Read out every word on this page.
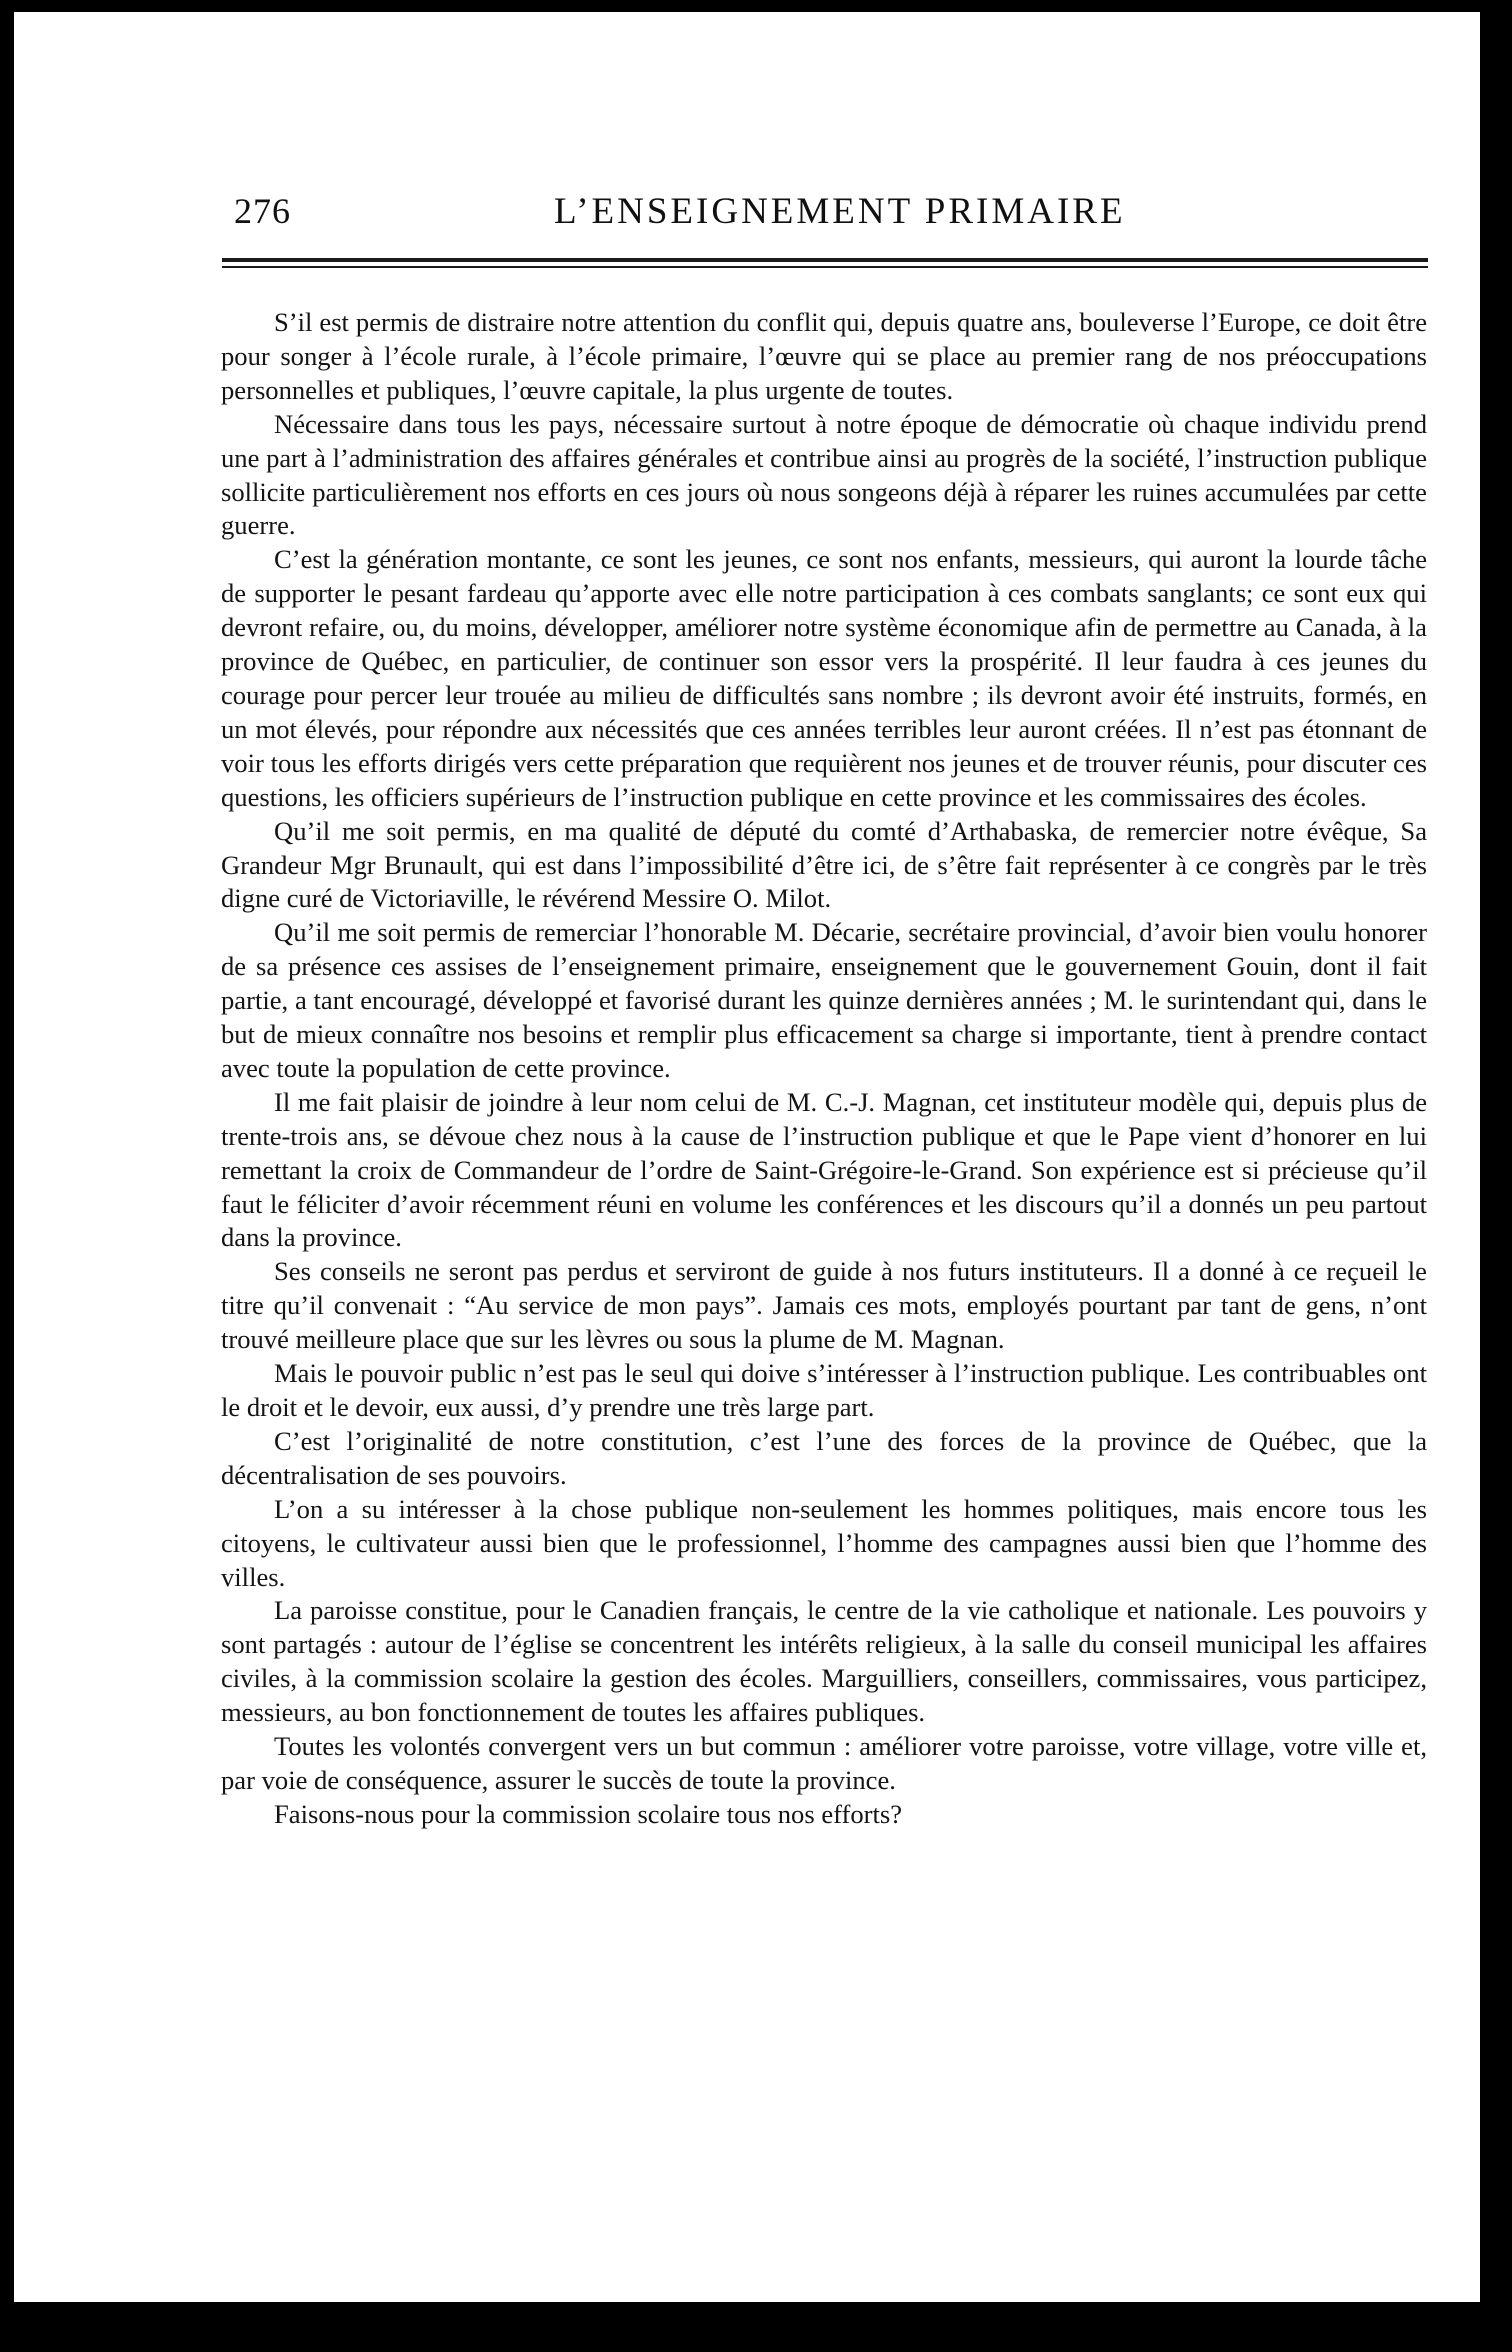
276	L’ENSEIGNEMENT PRIMAIRE

S’il est permis de distraire notre attention du conflit qui, depuis quatre ans, bouleverse l’Europe, ce doit être pour songer à l’école rurale, à l’école primaire, l’œuvre qui se place au premier rang de nos préoccupations personnelles et publiques, l’œuvre capitale, la plus urgente de toutes.

Nécessaire dans tous les pays, nécessaire surtout à notre époque de démocratie où chaque individu prend une part à l’administration des affaires générales et contribue ainsi au progrès de la société, l’instruction publique sollicite particulièrement nos efforts en ces jours où nous songeons déjà à réparer les ruines accumulées par cette guerre.

C’est la génération montante, ce sont les jeunes, ce sont nos enfants, messieurs, qui auront la lourde tâche de supporter le pesant fardeau qu’apporte avec elle notre participation à ces combats sanglants; ce sont eux qui devront refaire, ou, du moins, développer, améliorer notre système économique afin de permettre au Canada, à la province de Québec, en particulier, de continuer son essor vers la prospérité. Il leur faudra à ces jeunes du courage pour percer leur trouée au milieu de difficultés sans nombre ; ils devront avoir été instruits, formés, en un mot élevés, pour répondre aux nécessités que ces années terribles leur auront créées. Il n’est pas étonnant de voir tous les efforts dirigés vers cette préparation que requièrent nos jeunes et de trouver réunis, pour discuter ces questions, les officiers supérieurs de l’instruction publique en cette province et les commissaires des écoles.

Qu’il me soit permis, en ma qualité de député du comté d’Arthabaska, de remercier notre évêque, Sa Grandeur Mgr Brunault, qui est dans l’impossibilité d’être ici, de s’être fait représenter à ce congrès par le très digne curé de Victoriaville, le révérend Messire O. Milot.

Qu’il me soit permis de remerciar l’honorable M. Décarie, secrétaire provincial, d’avoir bien voulu honorer de sa présence ces assises de l’enseignement primaire, enseignement que le gouvernement Gouin, dont il fait partie, a tant encouragé, développé et favorisé durant les quinze dernières années ; M. le surintendant qui, dans le but de mieux connaître nos besoins et remplir plus efficacement sa charge si importante, tient à prendre contact avec toute la population de cette province.

Il me fait plaisir de joindre à leur nom celui de M. C.-J. Magnan, cet instituteur modèle qui, depuis plus de trente-trois ans, se dévoue chez nous à la cause de l’instruction publique et que le Pape vient d’honorer en lui remettant la croix de Commandeur de l’ordre de Saint-Grégoire-le-Grand. Son expérience est si précieuse qu’il faut le féliciter d’avoir récemment réuni en volume les conférences et les discours qu’il a donnés un peu partout dans la province.

Ses conseils ne seront pas perdus et serviront de guide à nos futurs instituteurs. Il a donné à ce reçueil le titre qu’il convenait : “Au service de mon pays”. Jamais ces mots, employés pourtant par tant de gens, n’ont trouvé meilleure place que sur les lèvres ou sous la plume de M. Magnan.

Mais le pouvoir public n’est pas le seul qui doive s’intéresser à l’instruction publique. Les contribuables ont le droit et le devoir, eux aussi, d’y prendre une très large part.

C’est l’originalité de notre constitution, c’est l’une des forces de la province de Québec, que la décentralisation de ses pouvoirs.

L’on a su intéresser à la chose publique non-seulement les hommes politiques, mais encore tous les citoyens, le cultivateur aussi bien que le professionnel, l’homme des campagnes aussi bien que l’homme des villes.

La paroisse constitue, pour le Canadien français, le centre de la vie catholique et nationale. Les pouvoirs y sont partagés : autour de l’église se concentrent les intérêts religieux, à la salle du conseil municipal les affaires civiles, à la commission scolaire la gestion des écoles. Marguilliers, conseillers, commissaires, vous participez, messieurs, au bon fonctionnement de toutes les affaires publiques.

Toutes les volontés convergent vers un but commun : améliorer votre paroisse, votre village, votre ville et, par voie de conséquence, assurer le succès de toute la province.

Faisons-nous pour la commission scolaire tous nos efforts?
